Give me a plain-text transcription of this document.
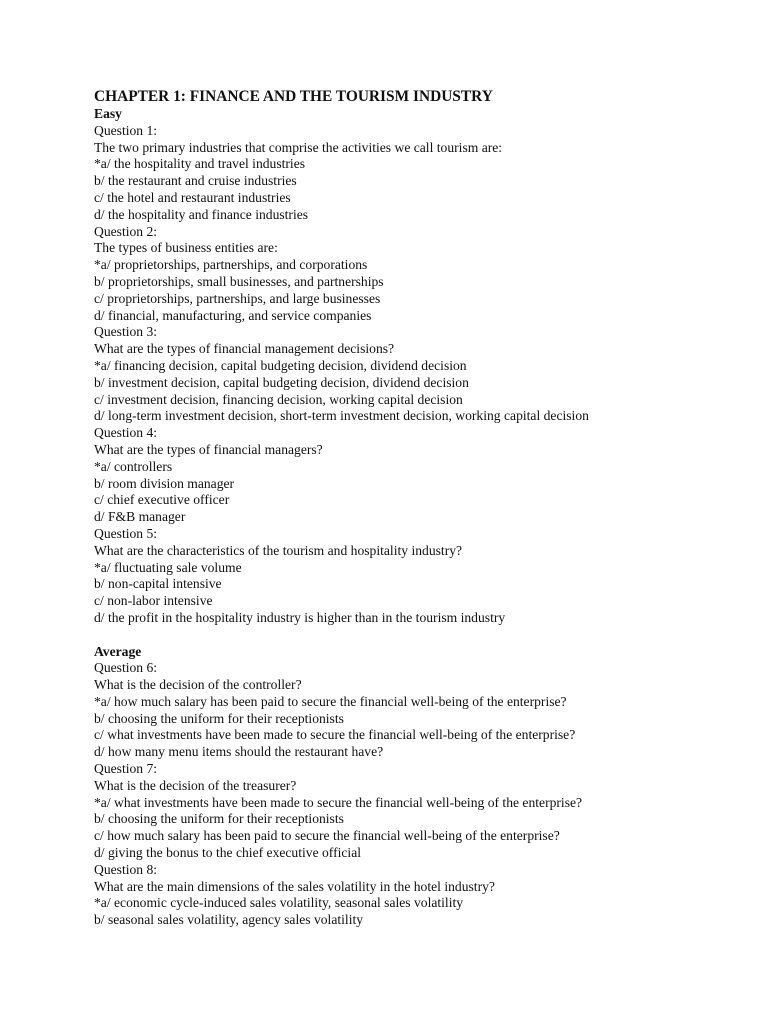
CHAPTER 1: FINANCE AND THE TOURISM INDUSTRY
Easy
Question 1:
The two primary industries that comprise the activities we call tourism are:
*a/ the hospitality and travel industries
b/ the restaurant and cruise industries
c/ the hotel and restaurant industries
d/ the hospitality and finance industries
Question 2:
The types of business entities are:
*a/ proprietorships, partnerships, and corporations
b/ proprietorships, small businesses, and partnerships
c/ proprietorships, partnerships, and large businesses
d/ financial, manufacturing, and service companies
Question 3:
What are the types of financial management decisions?
*a/ financing decision, capital budgeting decision, dividend decision
b/ investment decision, capital budgeting decision, dividend decision
c/ investment decision, financing decision, working capital decision
d/ long-term investment decision, short-term investment decision, working capital decision
Question 4:
What are the types of financial managers?
*a/ controllers
b/ room division manager
c/ chief executive officer
d/ F&B manager
Question 5:
What are the characteristics of the tourism and hospitality industry?
*a/ fluctuating sale volume
b/ non-capital intensive
c/ non-labor intensive
d/ the profit in the hospitality industry is higher than in the tourism industry
Average
Question 6:
What is the decision of the controller?
*a/ how much salary has been paid to secure the financial well-being of the enterprise?
b/ choosing the uniform for their receptionists
c/ what investments have been made to secure the financial well-being of the enterprise?
d/ how many menu items should the restaurant have?
Question 7:
What is the decision of the treasurer?
*a/ what investments have been made to secure the financial well-being of the enterprise?
b/ choosing the uniform for their receptionists
c/ how much salary has been paid to secure the financial well-being of the enterprise?
d/ giving the bonus to the chief executive official
Question 8:
What are the main dimensions of the sales volatility in the hotel industry?
*a/ economic cycle-induced sales volatility, seasonal sales volatility
b/ seasonal sales volatility, agency sales volatility
